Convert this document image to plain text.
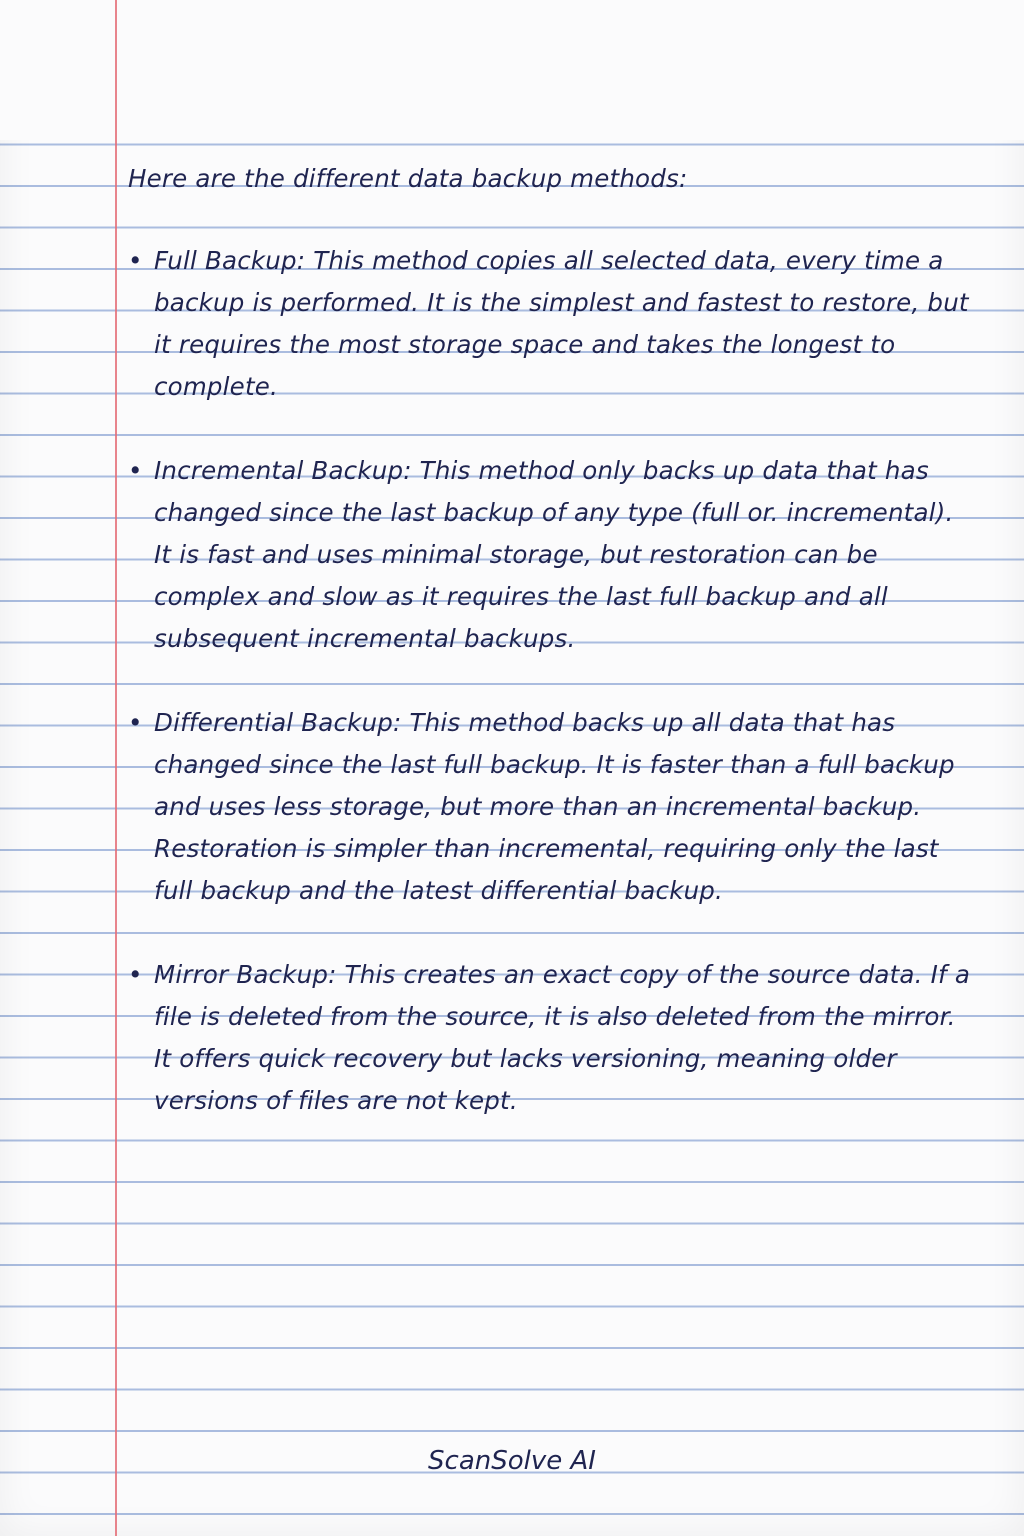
Here are the different data backup methods:

• Full Backup: This method copies all selected data, every time a backup is performed. It is the simplest and fastest to restore, but it requires the most storage space and takes the longest to complete.
• Incremental Backup: This method only backs up data that has changed since the last backup of any type (full or. incremental). It is fast and uses minimal storage, but restoration can be complex and slow as it requires the last full backup and all subsequent incremental backups.
• Differential Backup: This method backs up all data that has changed since the last full backup. It is faster than a full backup and uses less storage, but more than an incremental backup. Restoration is simpler than incremental, requiring only the last full backup and the latest differential backup.
• Mirror Backup: This creates an exact copy of the source data. If a file is deleted from the source, it is also deleted from the mirror. It offers quick recovery but lacks versioning, meaning older versions of files are not kept.
ScanSolve AI
